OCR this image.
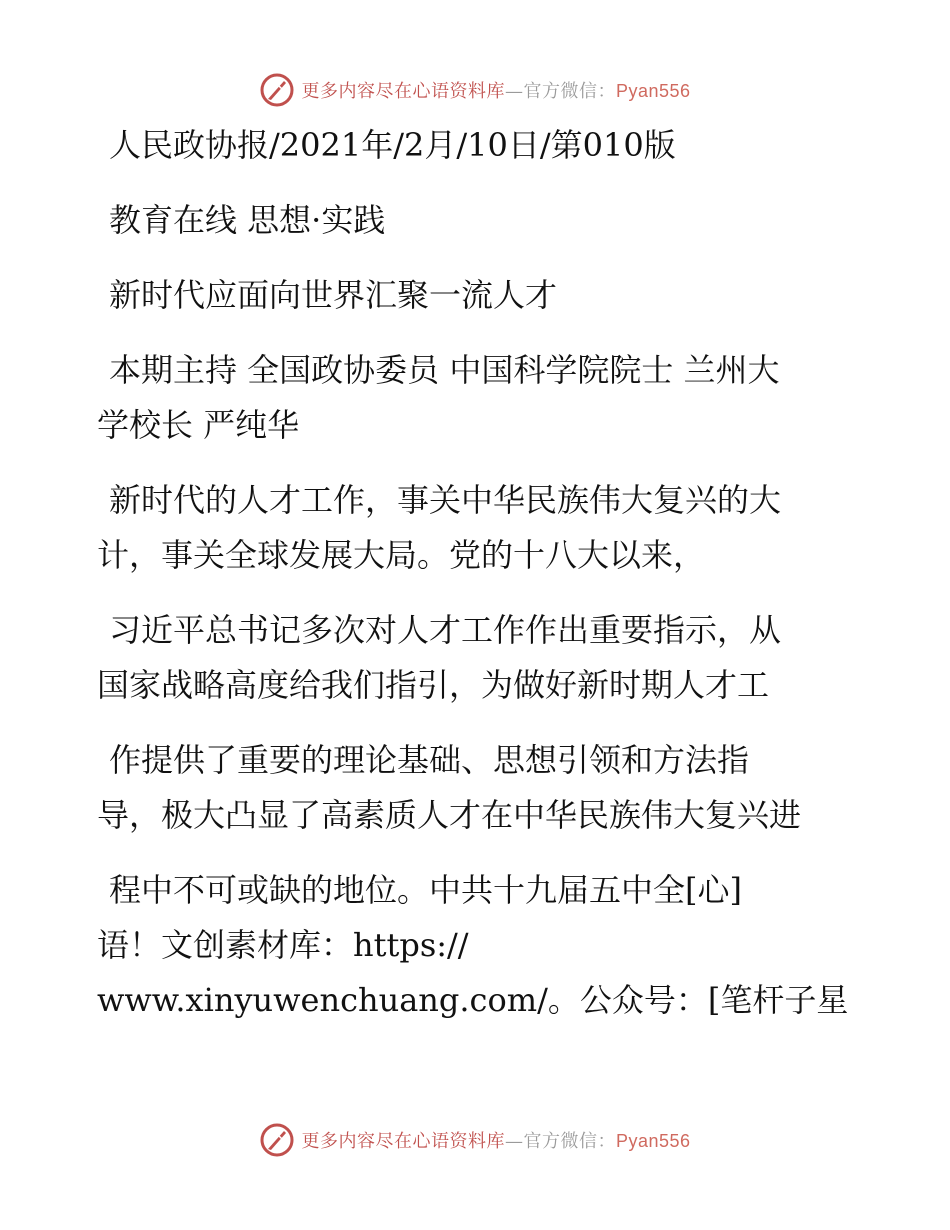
更多内容尽在心语资料库—官方微信：Pyan556
人民政协报/2021年/2月/10日/第010版
教育在线 思想·实践
新时代应面向世界汇聚一流人才
本期主持 全国政协委员 中国科学院院士 兰州大
学校长 严纯华
新时代的人才工作，事关中华民族伟大复兴的大
计，事关全球发展大局。党的十八大以来，
习近平总书记多次对人才工作作出重要指示，从
国家战略高度给我们指引，为做好新时期人才工
作提供了重要的理论基础、思想引领和方法指
导，极大凸显了高素质人才在中华民族伟大复兴进
程中不可或缺的地位。中共十九届五中全[心]
语！文创素材库：https://
www.xinyuwenchuang.com/。公众号：[笔杆子星
更多内容尽在心语资料库—官方微信：Pyan556
